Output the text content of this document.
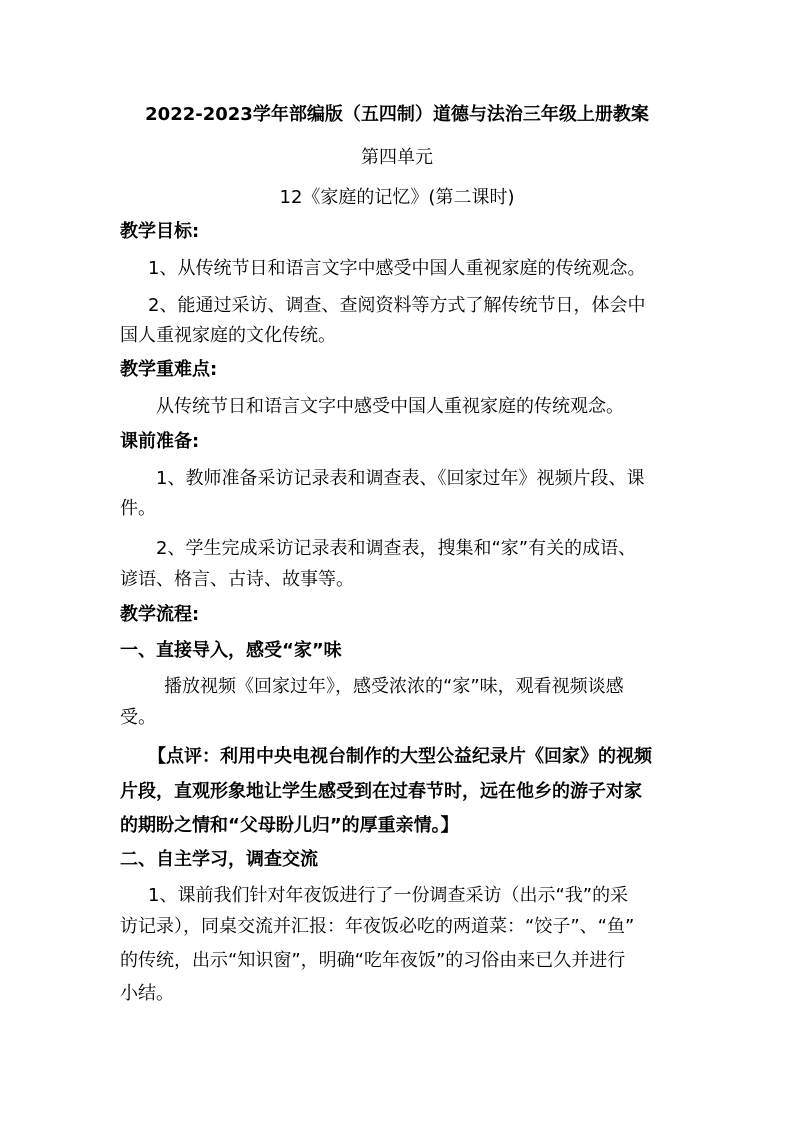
2022-2023学年部编版（五四制）道德与法治三年级上册教案
第四单元
12《家庭的记忆》(第二课时)
教学目标:
1、从传统节日和语言文字中感受中国人重视家庭的传统观念。
2、能通过采访、调查、查阅资料等方式了解传统节日，体会中
国人重视家庭的文化传统。
教学重难点:
从传统节日和语言文字中感受中国人重视家庭的传统观念。
课前准备:
1、教师准备采访记录表和调查表、《回家过年》视频片段、课
件。
2、学生完成采访记录表和调查表，搜集和“家”有关的成语、
谚语、格言、古诗、故事等。
教学流程:
一、直接导入，感受“家”味
播放视频《回家过年》，感受浓浓的“家”味，观看视频谈感
受。
【点评：利用中央电视台制作的大型公益纪录片《回家》的视频
片段，直观形象地让学生感受到在过春节时，远在他乡的游子对家
的期盼之情和“父母盼儿归”的厚重亲情。】
二、自主学习，调查交流
1、课前我们针对年夜饭进行了一份调查采访（出示“我”的采
访记录），同桌交流并汇报：年夜饭必吃的两道菜：“饺子”、“鱼”
的传统，出示“知识窗”，明确“吃年夜饭”的习俗由来已久并进行
小结。
